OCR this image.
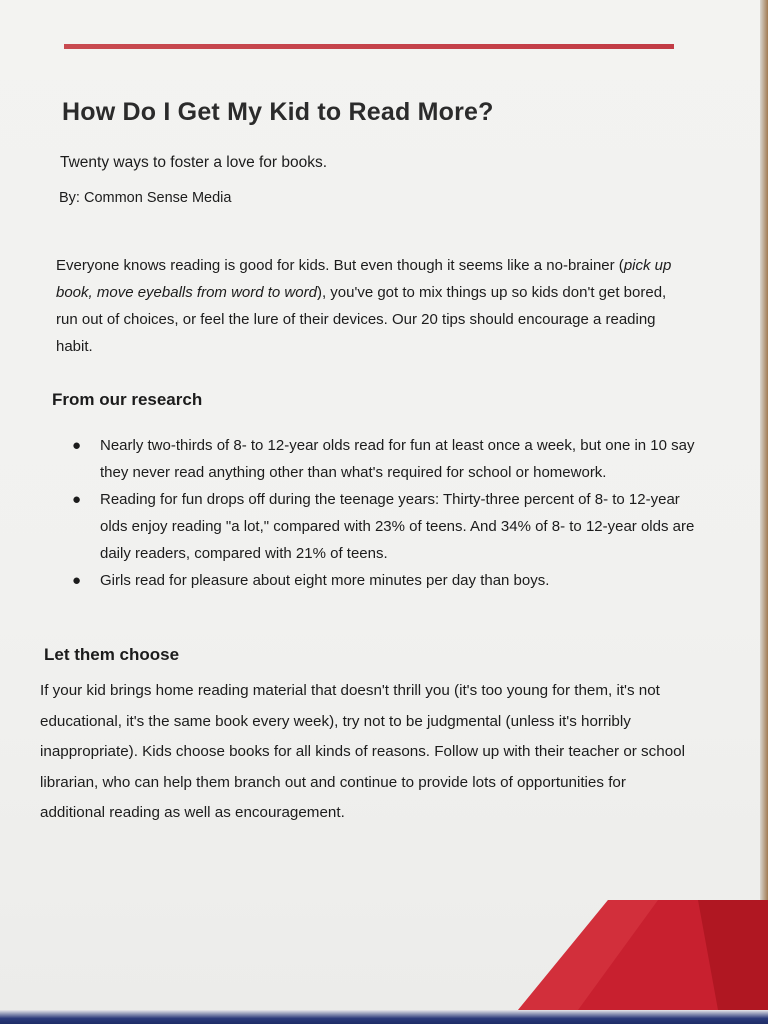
How Do I Get My Kid to Read More?

Twenty ways to foster a love for books.

By: Common Sense Media

Everyone knows reading is good for kids. But even though it seems like a no-brainer (pick up book, move eyeballs from word to word), you've got to mix things up so kids don't get bored, run out of choices, or feel the lure of their devices. Our 20 tips should encourage a reading habit.

From our research
● Nearly two-thirds of 8- to 12-year olds read for fun at least once a week, but one in 10 say they never read anything other than what's required for school or homework.
● Reading for fun drops off during the teenage years: Thirty-three percent of 8- to 12-year olds enjoy reading "a lot," compared with 23% of teens. And 34% of 8- to 12-year olds are daily readers, compared with 21% of teens.
● Girls read for pleasure about eight more minutes per day than boys.
Let them choose

If your kid brings home reading material that doesn't thrill you (it's too young for them, it's not educational, it's the same book every week), try not to be judgmental (unless it's horribly inappropriate). Kids choose books for all kinds of reasons. Follow up with their teacher or school librarian, who can help them branch out and continue to provide lots of opportunities for additional reading as well as encouragement.
